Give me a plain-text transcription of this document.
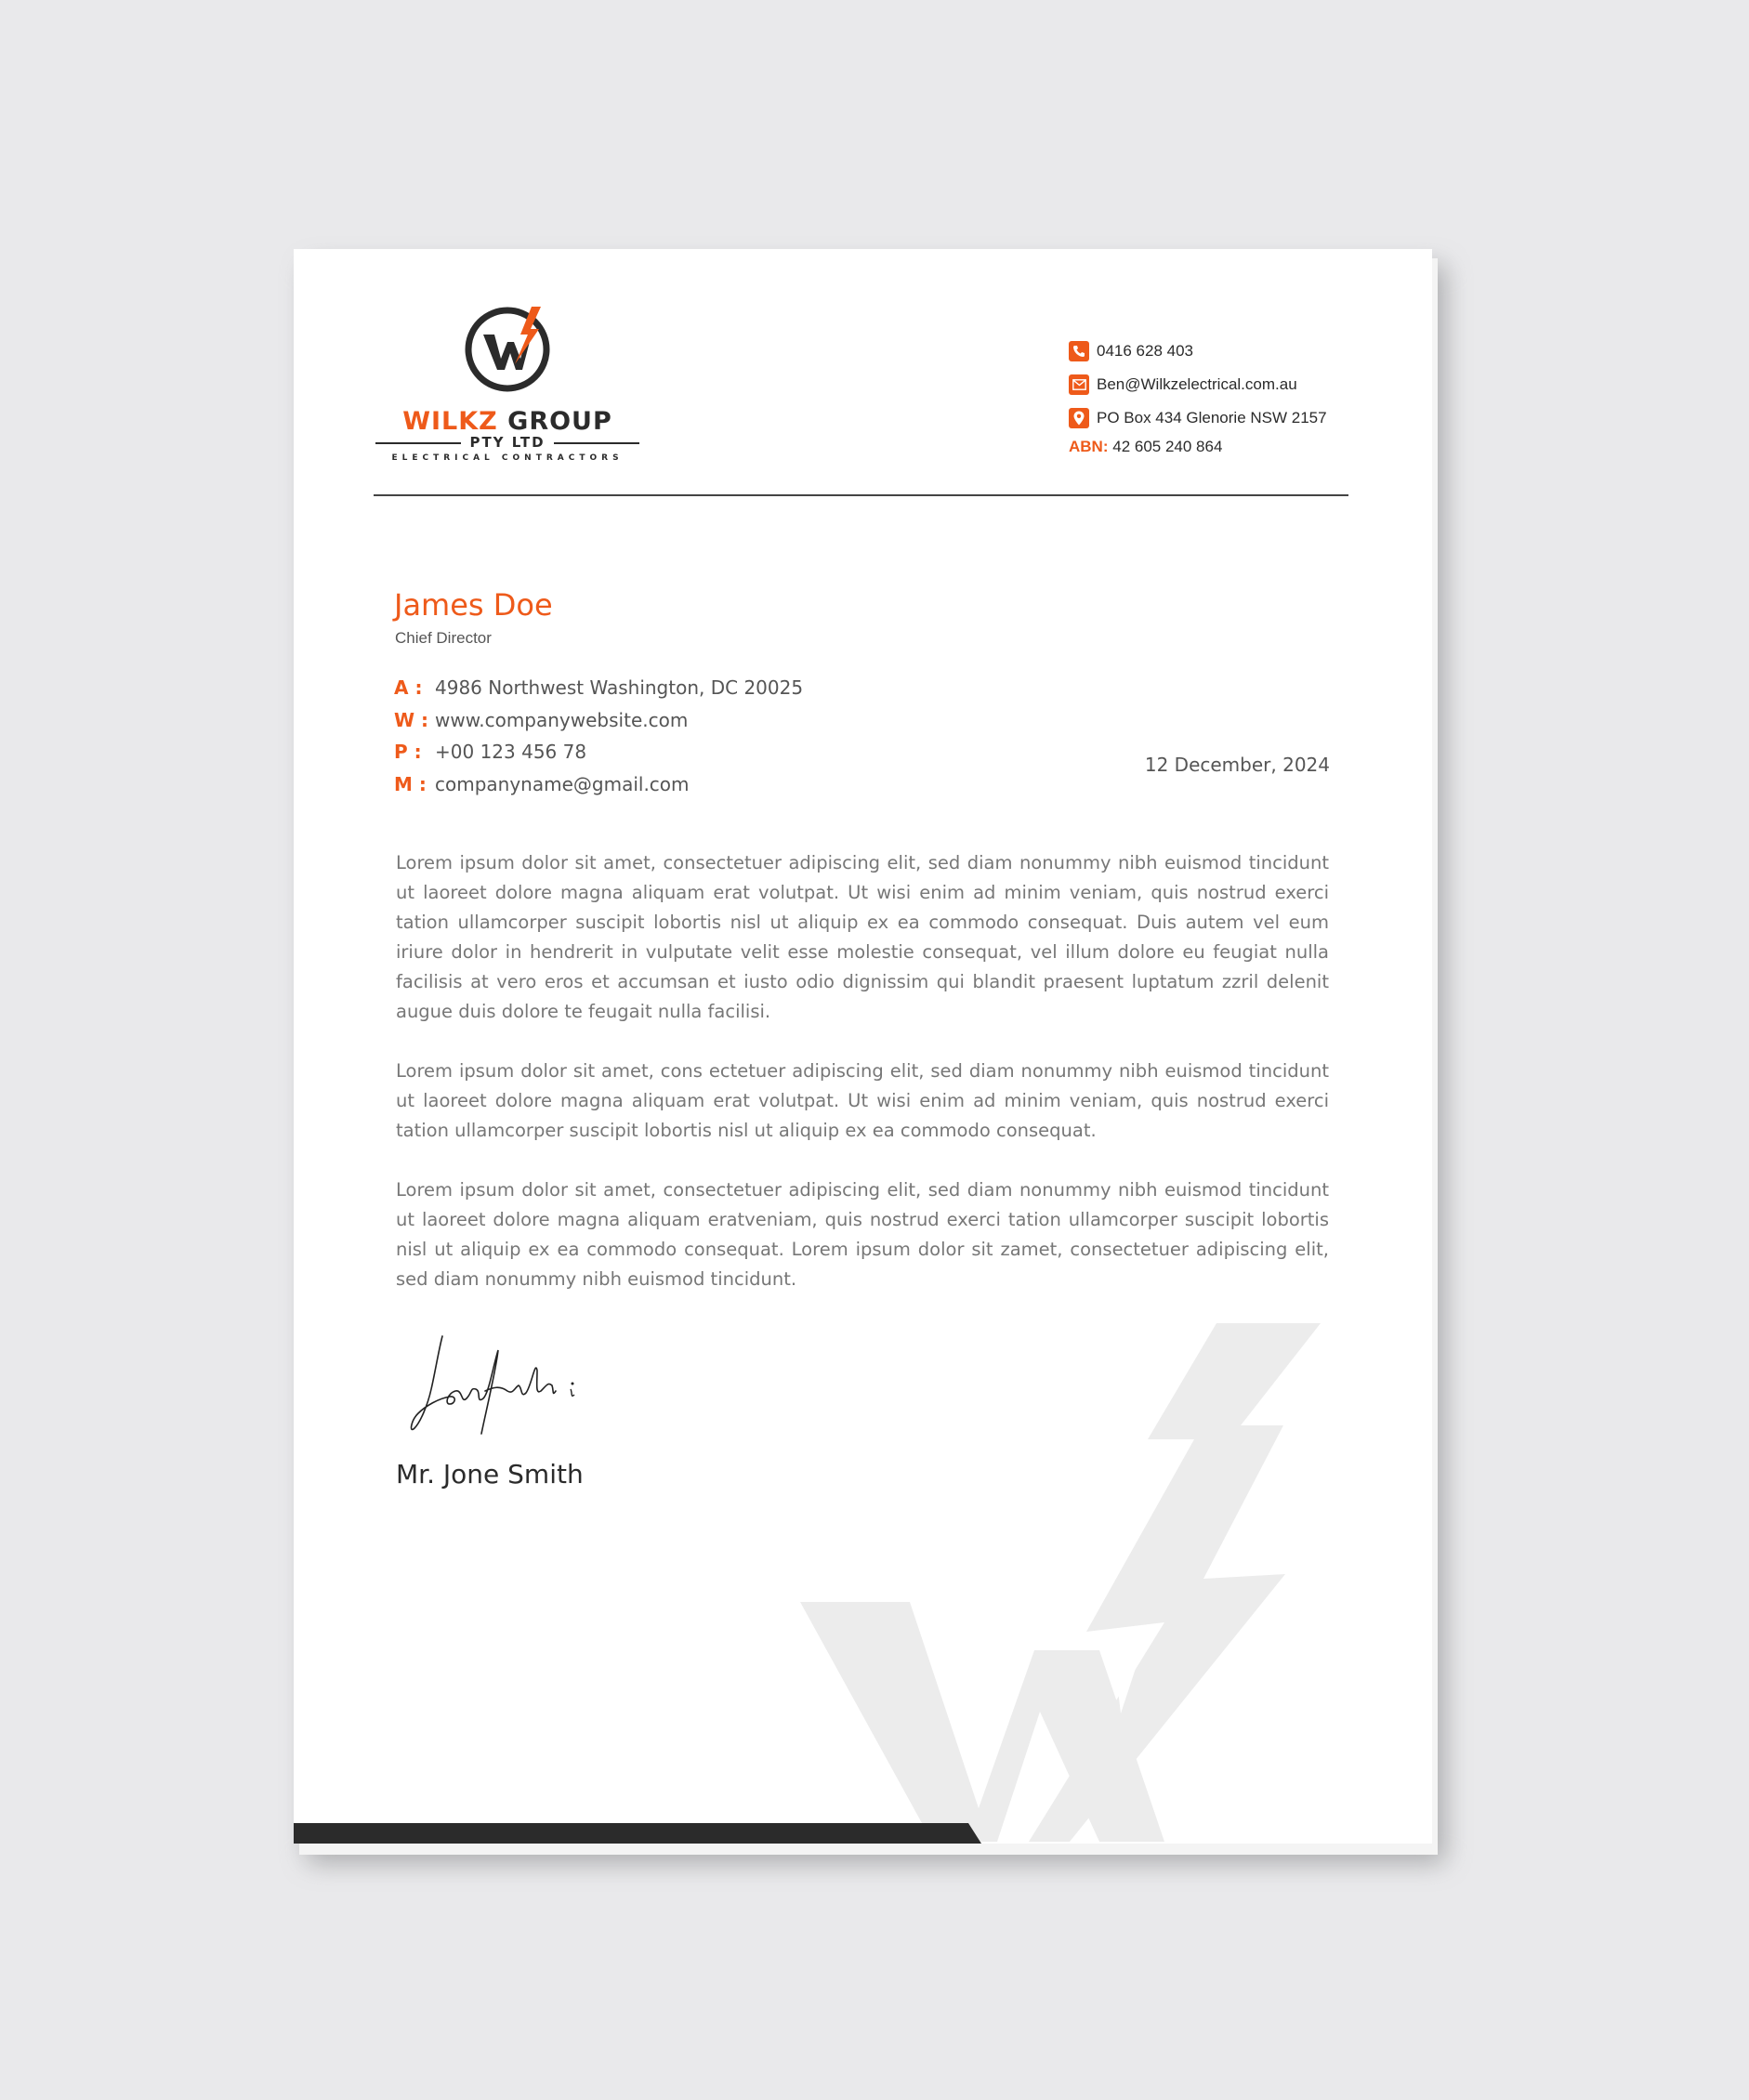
WILKZ GROUP
PTY LTD
ELECTRICAL CONTRACTORS
0416 628 403
Ben@Wilkzelectrical.com.au
PO Box 434 Glenorie NSW 2157
ABN: 42 605 240 864
James Doe
Chief Director
A : 4986 Northwest Washington, DC 20025
W : www.companywebsite.com
P : +00 123 456 78
M : companyname@gmail.com
12 December, 2024

Lorem ipsum dolor sit amet, consectetuer adipiscing elit, sed diam nonummy nibh euismod tincidunt ut laoreet dolore magna aliquam erat volutpat. Ut wisi enim ad minim veniam, quis nostrud exerci tation ullamcorper suscipit lobortis nisl ut aliquip ex ea commodo consequat. Duis autem vel eum iriure dolor in hendrerit in vulputate velit esse molestie consequat, vel illum dolore eu feugiat nulla facilisis at vero eros et accumsan et iusto odio dignissim qui blandit praesent luptatum zzril delenit augue duis dolore te feugait nulla facilisi.

Lorem ipsum dolor sit amet, cons ectetuer adipiscing elit, sed diam nonummy nibh euismod tincidunt ut laoreet dolore magna aliquam erat volutpat. Ut wisi enim ad minim veniam, quis nostrud exerci tation ullamcorper suscipit lobortis nisl ut aliquip ex ea commodo consequat.

Lorem ipsum dolor sit amet, consectetuer adipiscing elit, sed diam nonummy nibh euismod tincidunt ut laoreet dolore magna aliquam eratveniam, quis nostrud exerci tation ullamcorper suscipit lobortis nisl ut aliquip ex ea commodo consequat. Lorem ipsum dolor sit zamet, consectetuer adipiscing elit, sed diam nonummy nibh euismod tincidunt.

Mr. Jone Smith
